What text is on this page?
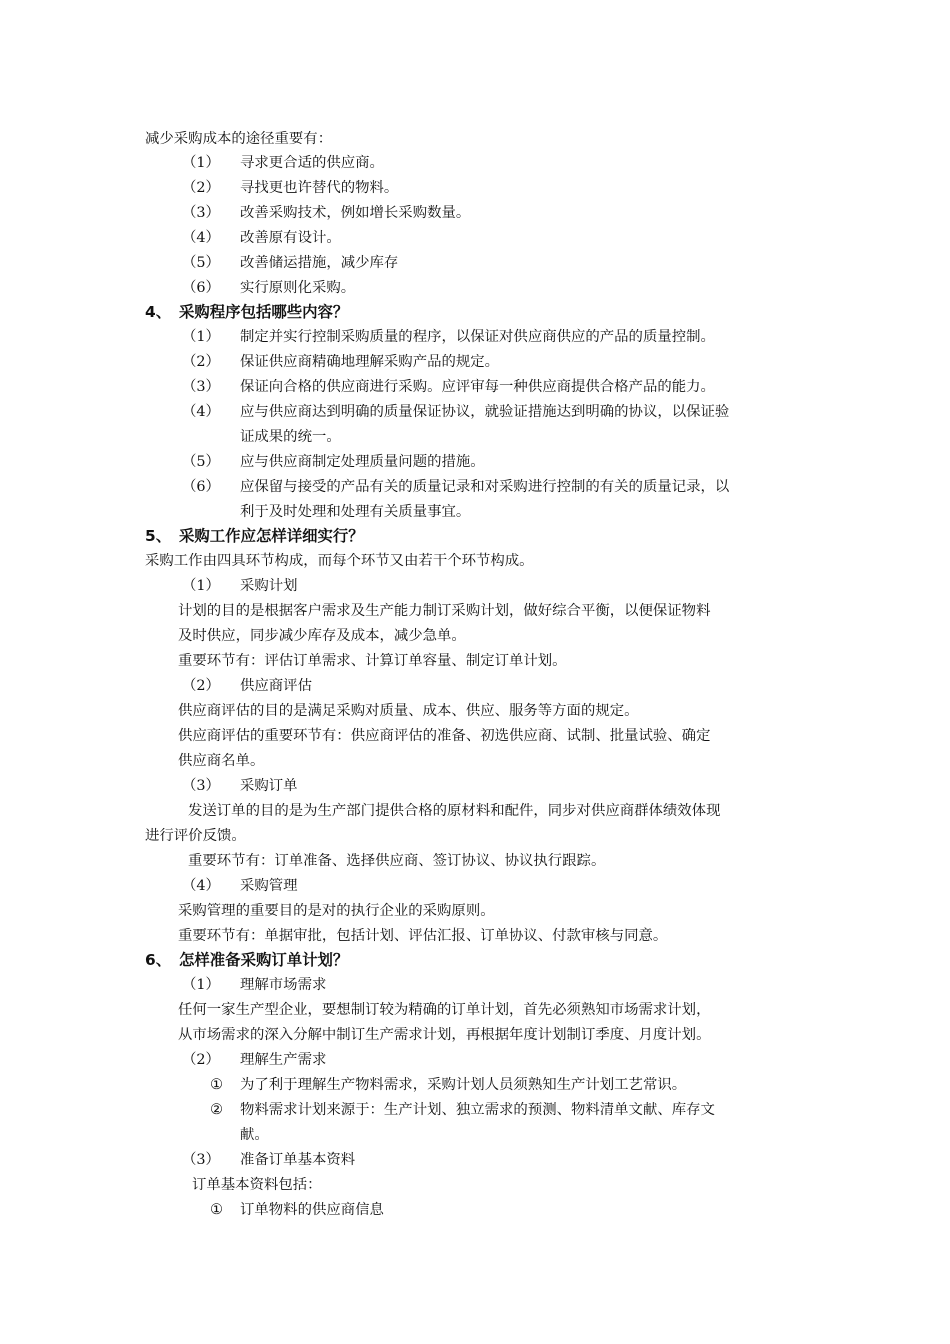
减少采购成本的途径重要有：
（1） 寻求更合适的供应商。
（2） 寻找更也许替代的物料。
（3） 改善采购技术，例如增长采购数量。
（4） 改善原有设计。
（5） 改善储运措施，减少库存
（6） 实行原则化采购。
4、 采购程序包括哪些内容？
（1） 制定并实行控制采购质量的程序，以保证对供应商供应的产品的质量控制。
（2） 保证供应商精确地理解采购产品的规定。
（3） 保证向合格的供应商进行采购。应评审每一种供应商提供合格产品的能力。
（4） 应与供应商达到明确的质量保证协议，就验证措施达到明确的协议，以保证验
证成果的统一。
（5） 应与供应商制定处理质量问题的措施。
（6） 应保留与接受的产品有关的质量记录和对采购进行控制的有关的质量记录，以
利于及时处理和处理有关质量事宜。
5、 采购工作应怎样详细实行？
采购工作由四具环节构成，而每个环节又由若干个环节构成。
（1） 采购计划
计划的目的是根据客户需求及生产能力制订采购计划，做好综合平衡，以便保证物料
及时供应，同步减少库存及成本，减少急单。
重要环节有：评估订单需求、计算订单容量、制定订单计划。
（2） 供应商评估
供应商评估的目的是满足采购对质量、成本、供应、服务等方面的规定。
供应商评估的重要环节有：供应商评估的准备、初选供应商、试制、批量试验、确定
供应商名单。
（3） 采购订单
发送订单的目的是为生产部门提供合格的原材料和配件，同步对供应商群体绩效体现
进行评价反馈。
重要环节有：订单准备、选择供应商、签订协议、协议执行跟踪。
（4） 采购管理
采购管理的重要目的是对的执行企业的采购原则。
重要环节有：单据审批，包括计划、评估汇报、订单协议、付款审核与同意。
6、 怎样准备采购订单计划？
（1） 理解市场需求
任何一家生产型企业，要想制订较为精确的订单计划，首先必须熟知市场需求计划，
从市场需求的深入分解中制订生产需求计划，再根据年度计划制订季度、月度计划。
（2） 理解生产需求
① 为了利于理解生产物料需求，采购计划人员须熟知生产计划工艺常识。
② 物料需求计划来源于：生产计划、独立需求的预测、物料清单文献、库存文
献。
（3） 准备订单基本资料
订单基本资料包括：
① 订单物料的供应商信息
